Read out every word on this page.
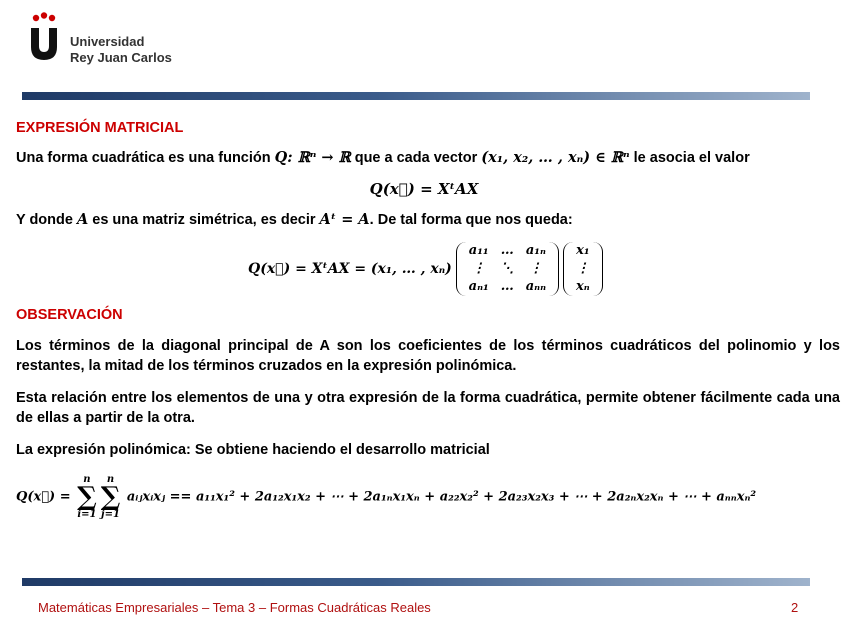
Universidad
Rey Juan Carlos
EXPRESIÓN MATRICIAL
Una forma cuadrática es una función Q: ℝⁿ → ℝ que a cada vector (x₁, x₂, … , xₙ) ∈ ℝⁿ le asocia el valor
Q(x⃗) = XᵗAX
Y donde A es una matriz simétrica, es decir Aᵗ = A. De tal forma que nos queda:
Q(x⃗) = XᵗAX = (x₁, … , xₙ)
a₁₁	…	a₁ₙ
⋮	⋱	⋮
aₙ₁	…	aₙₙ

x₁
⋮
xₙ
OBSERVACIÓN
Los términos de la diagonal principal de A son los coeficientes de los términos cuadráticos del polinomio y los restantes, la mitad de los términos cruzados en la expresión polinómica.
Esta relación entre los elementos de una y otra expresión de la forma cuadrática, permite obtener fácilmente cada una de ellas a partir de la otra.
La expresión polinómica: Se obtiene haciendo el desarrollo matricial
Q(x⃗) =
n
∑
i=1
n
∑
j=1
aᵢⱼxᵢxⱼ == a₁₁x₁² + 2a₁₂x₁x₂ + ⋯ + 2a₁ₙx₁xₙ + a₂₂x₂² + 2a₂₃x₂x₃ + ⋯ + 2a₂ₙx₂xₙ + ⋯ + aₙₙxₙ²
Matemáticas Empresariales – Tema 3 – Formas Cuadráticas Reales	2
